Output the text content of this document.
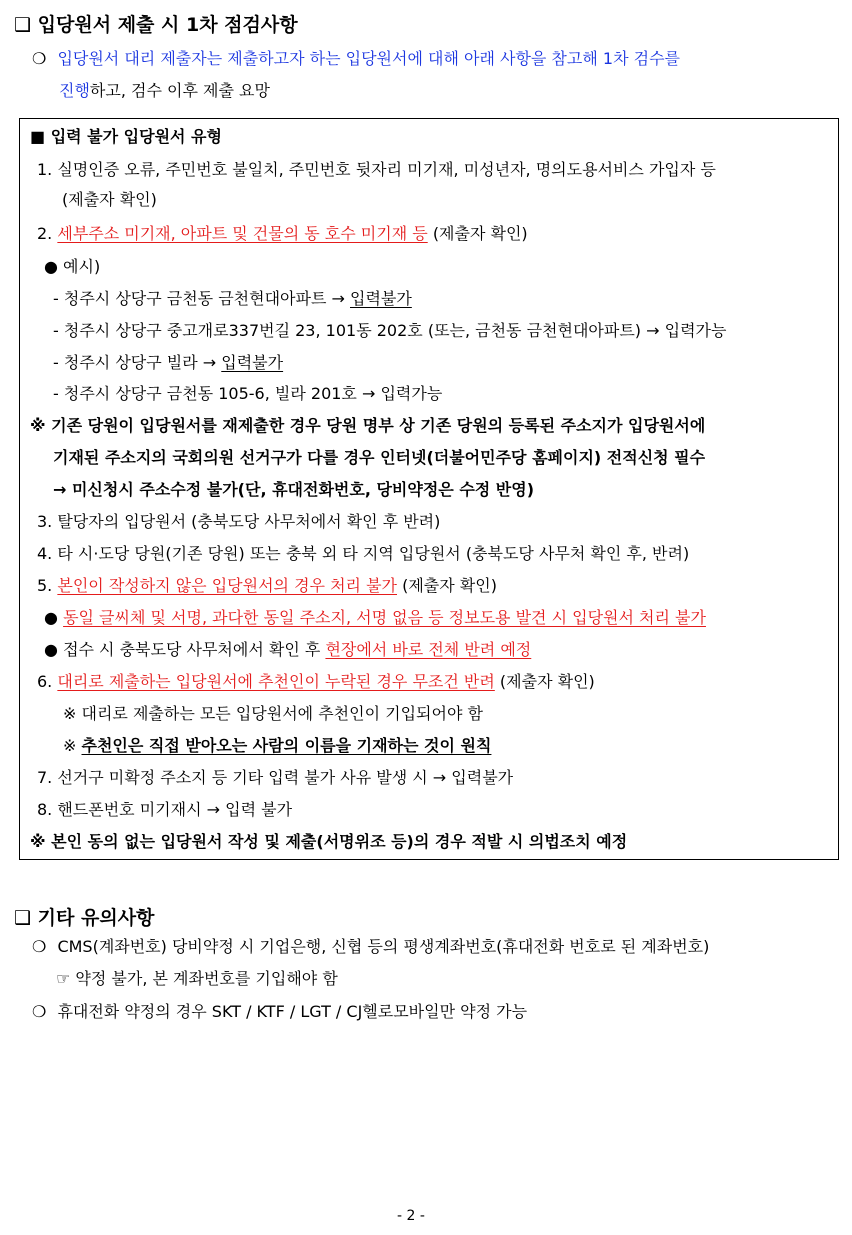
❑ 입당원서 제출 시 1차 점검사항
❍ 입당원서 대리 제출자는 제출하고자 하는 입당원서에 대해 아래 사항을 참고해 1차 검수를
진행하고, 검수 이후 제출 요망
■ 입력 불가 입당원서 유형
1. 실명인증 오류, 주민번호 불일치, 주민번호 뒷자리 미기재, 미성년자, 명의도용서비스 가입자 등
(제출자 확인)
2. 세부주소 미기재, 아파트 및 건물의 동 호수 미기재 등 (제출자 확인)
● 예시)
- 청주시 상당구 금천동 금천현대아파트 → 입력불가
- 청주시 상당구 중고개로337번길 23, 101동 202호 (또는, 금천동 금천현대아파트) → 입력가능
- 청주시 상당구 빌라 → 입력불가
- 청주시 상당구 금천동 105-6, 빌라 201호 → 입력가능
※ 기존 당원이 입당원서를 재제출한 경우 당원 명부 상 기존 당원의 등록된 주소지가 입당원서에
기재된 주소지의 국회의원 선거구가 다를 경우 인터넷(더불어민주당 홈페이지) 전적신청 필수
→ 미신청시 주소수정 불가(단, 휴대전화번호, 당비약정은 수정 반영)
3. 탈당자의 입당원서 (충북도당 사무처에서 확인 후 반려)
4. 타 시·도당 당원(기존 당원) 또는 충북 외 타 지역 입당원서 (충북도당 사무처 확인 후, 반려)
5. 본인이 작성하지 않은 입당원서의 경우 처리 불가 (제출자 확인)
● 동일 글씨체 및 서명, 과다한 동일 주소지, 서명 없음 등 정보도용 발견 시 입당원서 처리 불가
● 접수 시 충북도당 사무처에서 확인 후 현장에서 바로 전체 반려 예정
6. 대리로 제출하는 입당원서에 추천인이 누락된 경우 무조건 반려 (제출자 확인)
※ 대리로 제출하는 모든 입당원서에 추천인이 기입되어야 함
※ 추천인은 직접 받아오는 사람의 이름을 기재하는 것이 원칙
7. 선거구 미확정 주소지 등 기타 입력 불가 사유 발생 시 → 입력불가
8. 핸드폰번호 미기재시 → 입력 불가
※ 본인 동의 없는 입당원서 작성 및 제출(서명위조 등)의 경우 적발 시 의법조치 예정
❑ 기타 유의사항
❍ CMS(계좌번호) 당비약정 시 기업은행, 신협 등의 평생계좌번호(휴대전화 번호로 된 계좌번호)
☞ 약정 불가, 본 계좌번호를 기입해야 함
❍ 휴대전화 약정의 경우 SKT / KTF / LGT / CJ헬로모바일만 약정 가능
- 2 -
